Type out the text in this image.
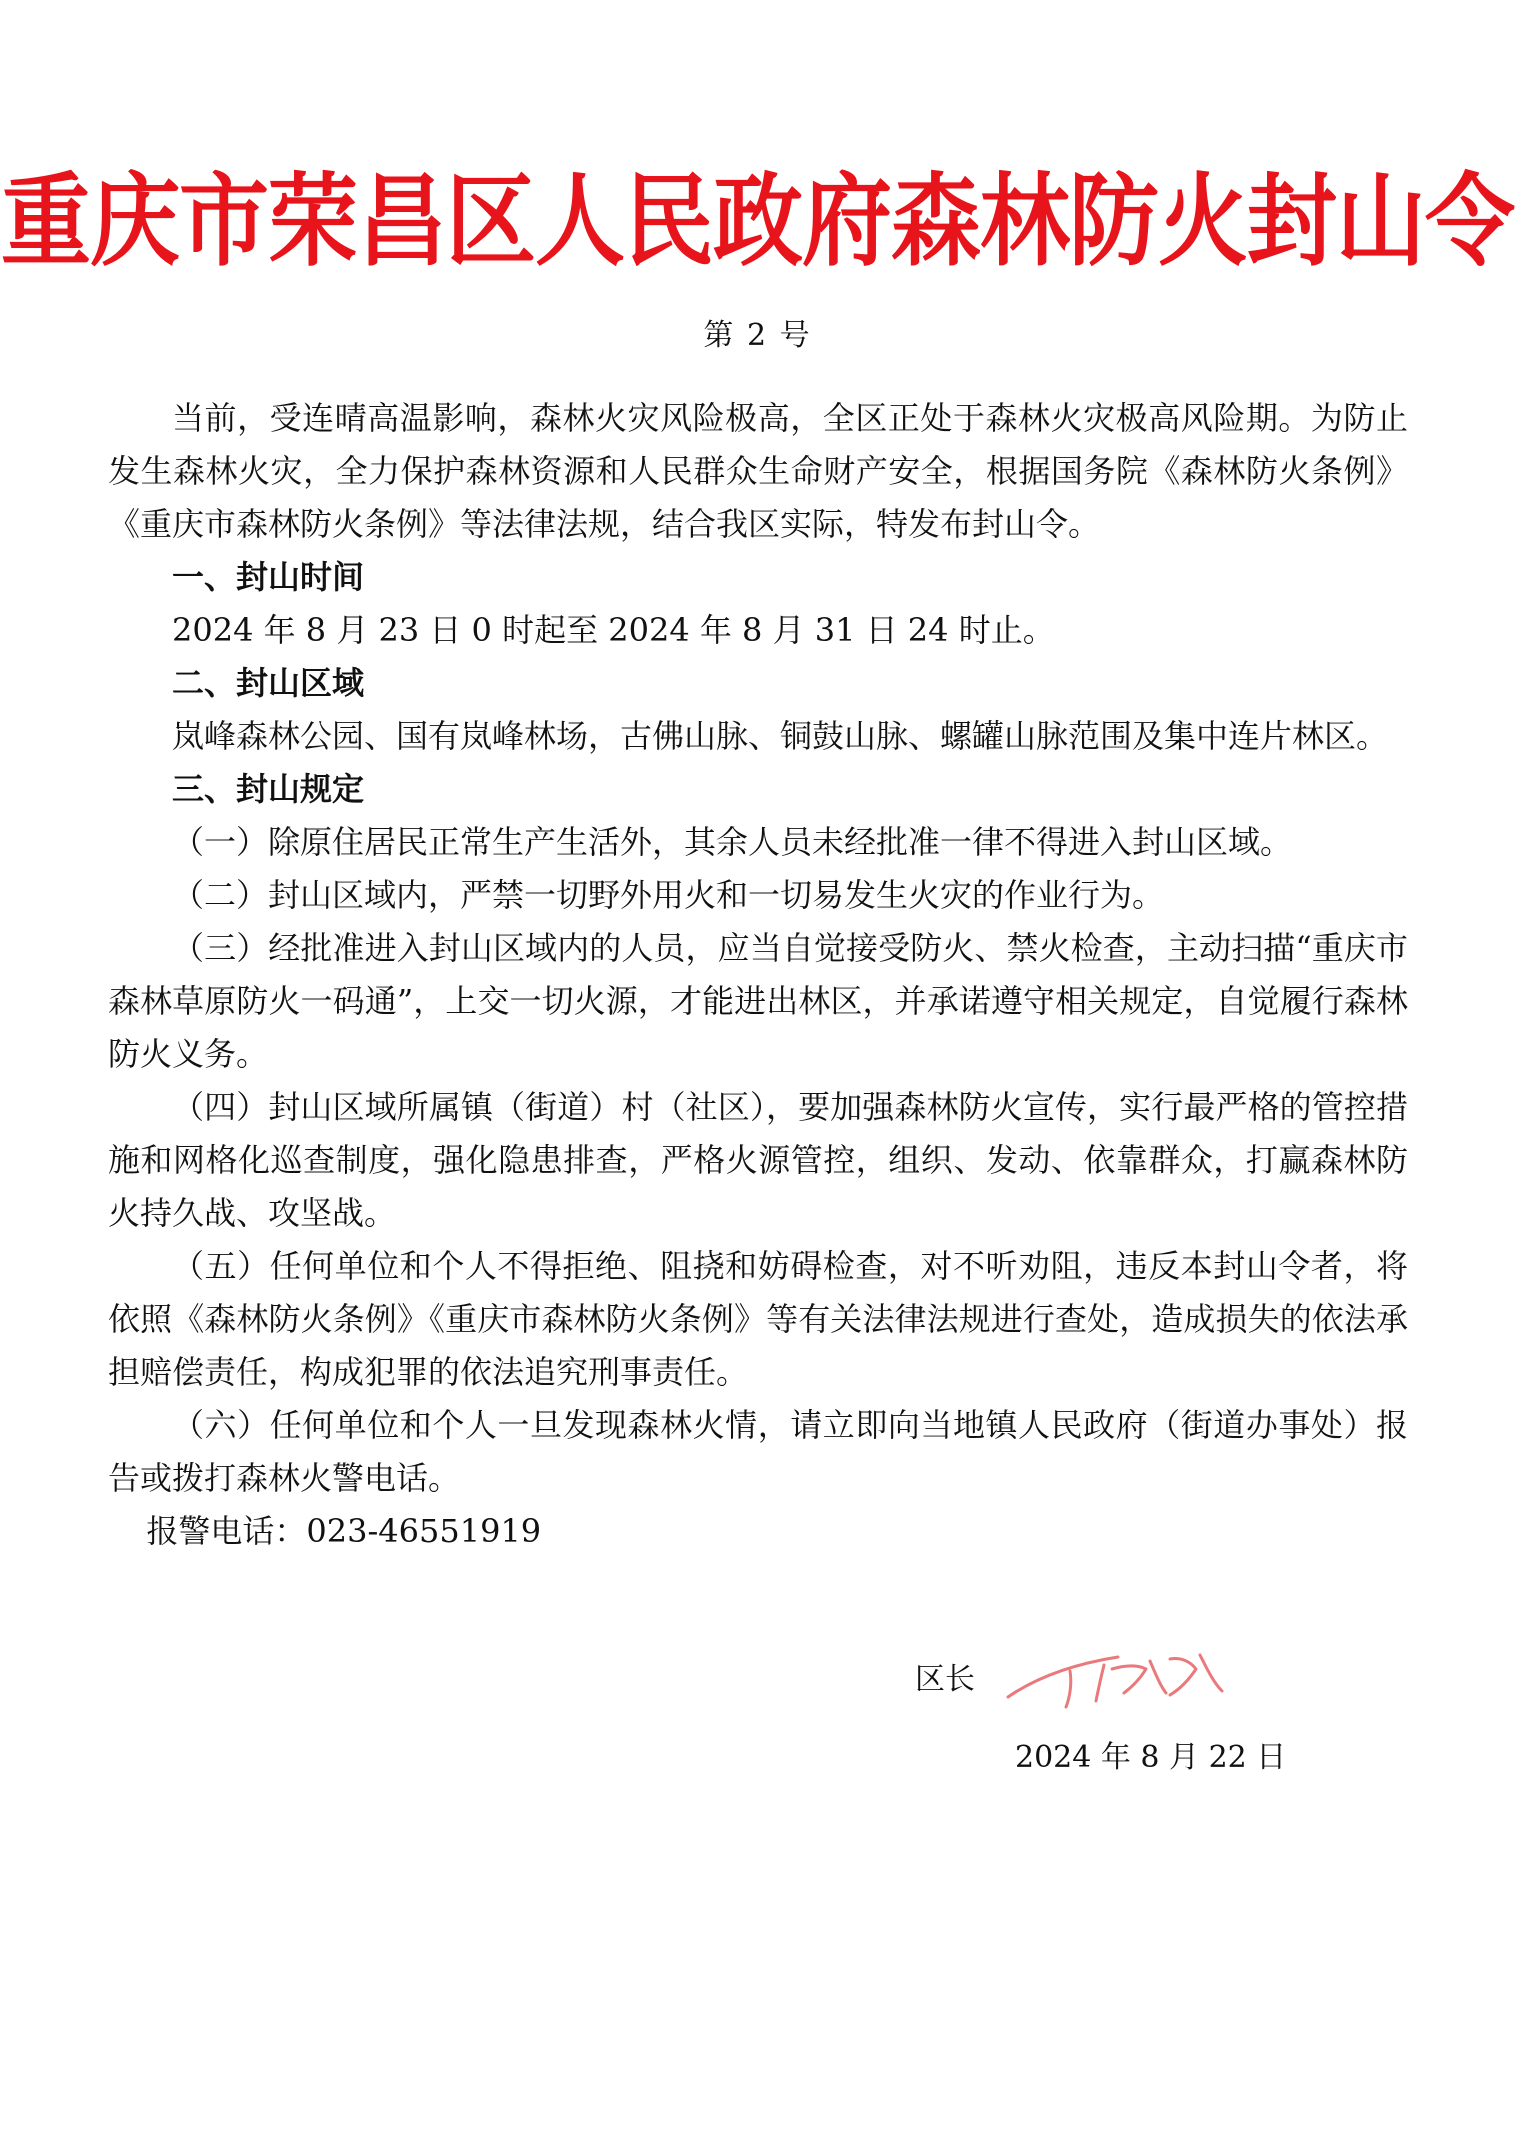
重庆市荣昌区人民政府森林防火封山令
第 2 号

当前，受连晴高温影响，森林火灾风险极高，全区正处于森林火灾极高风险期。为防止发生森林火灾，全力保护森林资源和人民群众生命财产安全，根据国务院《森林防火条例》《重庆市森林防火条例》等法律法规，结合我区实际，特发布封山令。

一、封山时间

2024 年 8 月 23 日 0 时起至 2024 年 8 月 31 日 24 时止。

二、封山区域

岚峰森林公园、国有岚峰林场，古佛山脉、铜鼓山脉、螺罐山脉范围及集中连片林区。

三、封山规定

（一）除原住居民正常生产生活外，其余人员未经批准一律不得进入封山区域。

（二）封山区域内，严禁一切野外用火和一切易发生火灾的作业行为。

（三）经批准进入封山区域内的人员，应当自觉接受防火、禁火检查，主动扫描“重庆市森林草原防火一码通”，上交一切火源，才能进出林区，并承诺遵守相关规定，自觉履行森林防火义务。

（四）封山区域所属镇（街道）村（社区），要加强森林防火宣传，实行最严格的管控措施和网格化巡查制度，强化隐患排查，严格火源管控，组织、发动、依靠群众，打赢森林防火持久战、攻坚战。

（五）任何单位和个人不得拒绝、阻挠和妨碍检查，对不听劝阻，违反本封山令者，将依照《森林防火条例》《重庆市森林防火条例》等有关法律法规进行查处，造成损失的依法承担赔偿责任，构成犯罪的依法追究刑事责任。

（六）任何单位和个人一旦发现森林火情，请立即向当地镇人民政府（街道办事处）报告或拨打森林火警电话。

报警电话：023-46551919

区长
2024 年 8 月 22 日
